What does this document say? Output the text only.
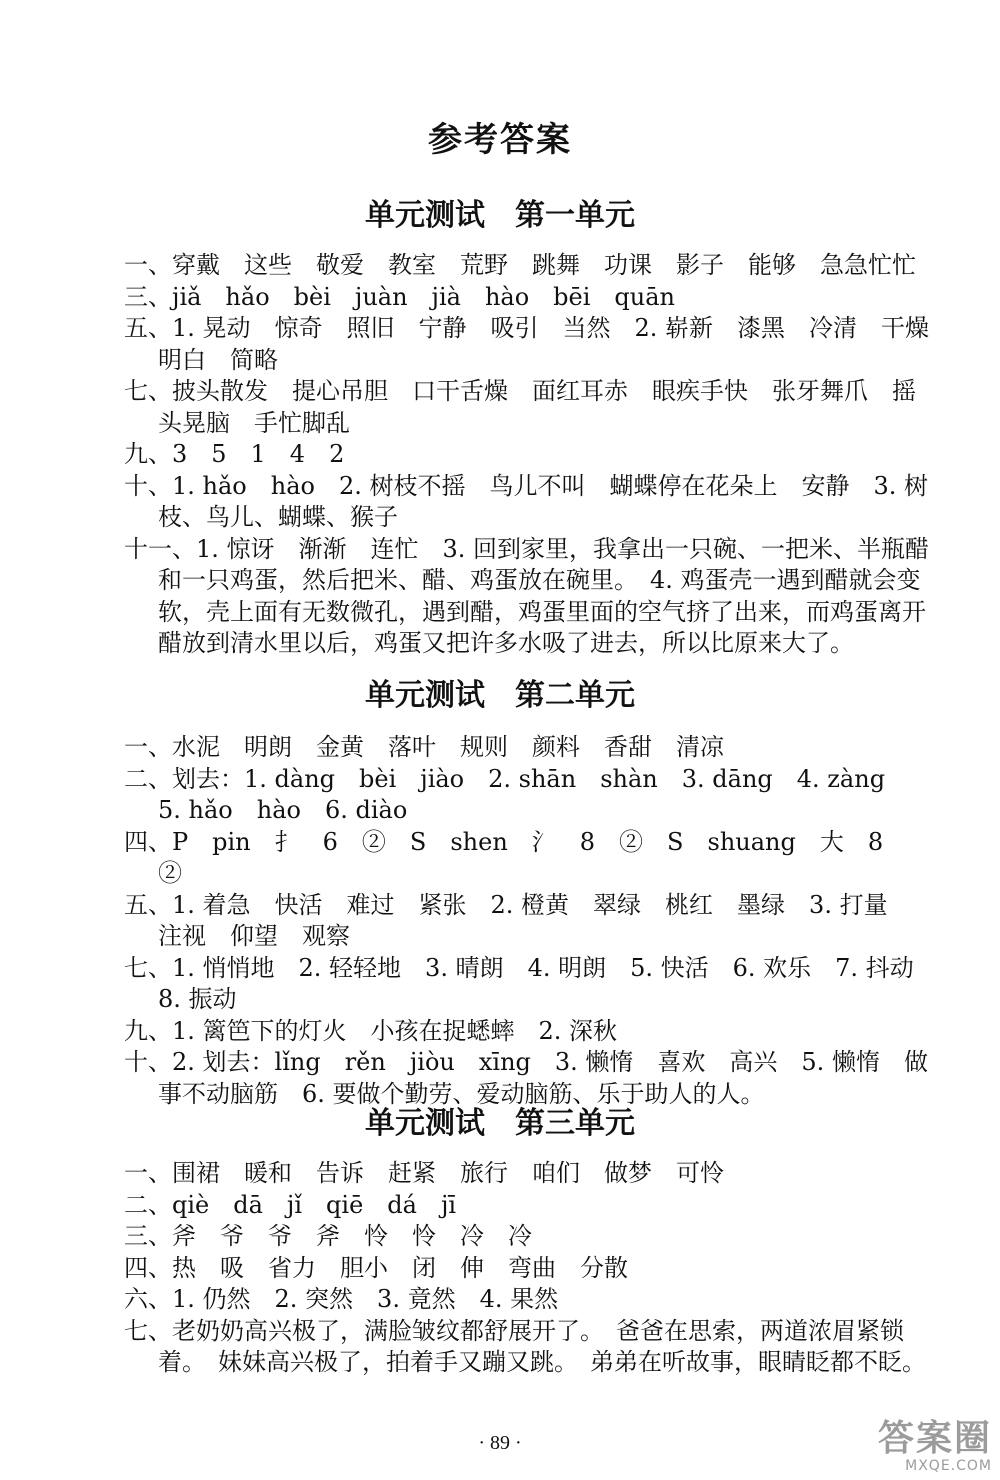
参考答案
单元测试　第一单元
一、穿戴　这些　敬爱　教室　荒野　跳舞　功课　影子　能够　急急忙忙
三、jiǎ　hǎo　bèi　juàn　jià　hào　bēi　quān
五、1. 晃动　惊奇　照旧　宁静　吸引　当然　2. 崭新　漆黑　冷清　干燥　明白　简略
七、披头散发　提心吊胆　口干舌燥　面红耳赤　眼疾手快　张牙舞爪　摇头晃脑　手忙脚乱
九、3　5　1　4　2
十、1. hǎo　hào　2. 树枝不摇　鸟儿不叫　蝴蝶停在花朵上　安静　3. 树枝、鸟儿、蝴蝶、猴子
十一、1. 惊讶　渐渐　连忙　3. 回到家里，我拿出一只碗、一把米、半瓶醋和一只鸡蛋，然后把米、醋、鸡蛋放在碗里。　4. 鸡蛋壳一遇到醋就会变软，壳上面有无数微孔，遇到醋，鸡蛋里面的空气挤了出来，而鸡蛋离开醋放到清水里以后，鸡蛋又把许多水吸了进去，所以比原来大了。
单元测试　第二单元
一、水泥　明朗　金黄　落叶　规则　颜料　香甜　清凉
二、划去：1. dàng　bèi　jiào　2. shān　shàn　3. dāng　4. zàng　5. hǎo　hào　6. diào
四、P　pin　扌　6　②　S　shen　氵　8　②　S　shuang　大　8　②
五、1. 着急　快活　难过　紧张　2. 橙黄　翠绿　桃红　墨绿　3. 打量　注视　仰望　观察
七、1. 悄悄地　2. 轻轻地　3. 晴朗　4. 明朗　5. 快活　6. 欢乐　7. 抖动　8. 振动
九、1. 篱笆下的灯火　小孩在捉蟋蟀　2. 深秋
十、2. 划去：lǐng　rěn　jiòu　xīng　3. 懒惰　喜欢　高兴　5. 懒惰　做事不动脑筋　6. 要做个勤劳、爱动脑筋、乐于助人的人。
单元测试　第三单元
一、围裙　暖和　告诉　赶紧　旅行　咱们　做梦　可怜
二、qiè　dā　jǐ　qiē　dá　jī
三、斧　爷　爷　斧　怜　怜　冷　冷
四、热　吸　省力　胆小　闭　伸　弯曲　分散
六、1. 仍然　2. 突然　3. 竟然　4. 果然
七、老奶奶高兴极了，满脸皱纹都舒展开了。　爸爸在思索，两道浓眉紧锁着。　妹妹高兴极了，拍着手又蹦又跳。　弟弟在听故事，眼睛眨都不眨。
· 89 ·	答案圈
MXQE.COM
